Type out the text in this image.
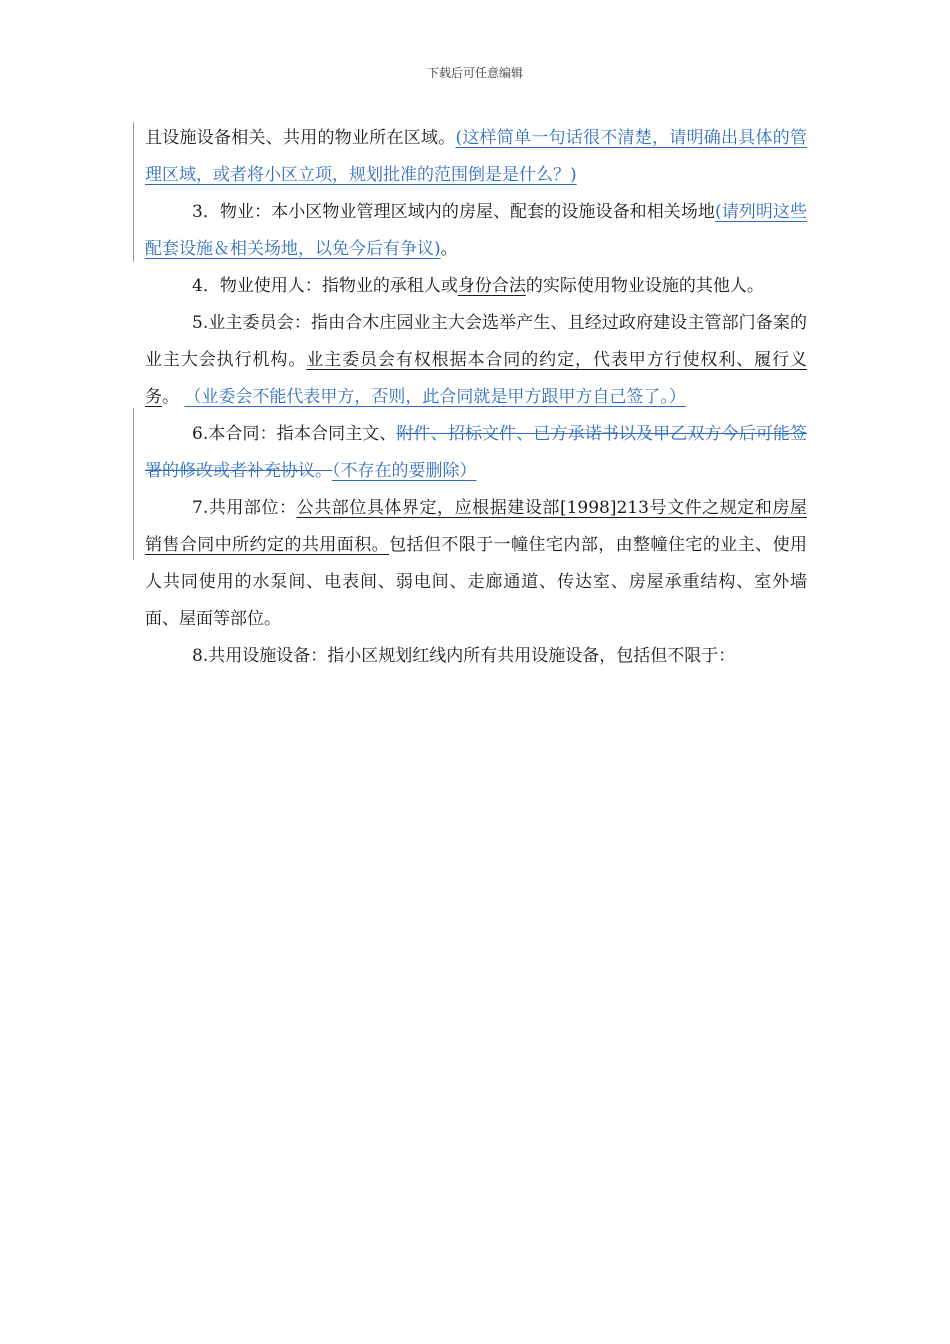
下载后可任意编辑

且设施设备相关、共用的物业所在区域。(这样简单一句话很不清楚，请明确出具体的管理区域，或者将小区立项，规划批准的范围倒是是什么？)

3．物业：本小区物业管理区域内的房屋、配套的设施设备和相关场地(请列明这些配套设施＆相关场地，以免今后有争议)。

4．物业使用人：指物业的承租人或身份合法的实际使用物业设施的其他人。

5.业主委员会：指由合木庄园业主大会选举产生、且经过政府建设主管部门备案的业主大会执行机构。业主委员会有权根据本合同的约定，代表甲方行使权利、履行义务。 （业委会不能代表甲方，否则，此合同就是甲方跟甲方自己签了。）

6.本合同：指本合同主文、附件、招标文件、已方承诺书以及甲乙双方今后可能签署的修改或者补充协议。（不存在的要删除）

7.共用部位：公共部位具体界定，应根据建设部[1998]213号文件之规定和房屋销售合同中所约定的共用面积。包括但不限于一幢住宅内部，由整幢住宅的业主、使用人共同使用的水泵间、电表间、弱电间、走廊通道、传达室、房屋承重结构、室外墙面、屋面等部位。

8.共用设施设备：指小区规划红线内所有共用设施设备，包括但不限于：
